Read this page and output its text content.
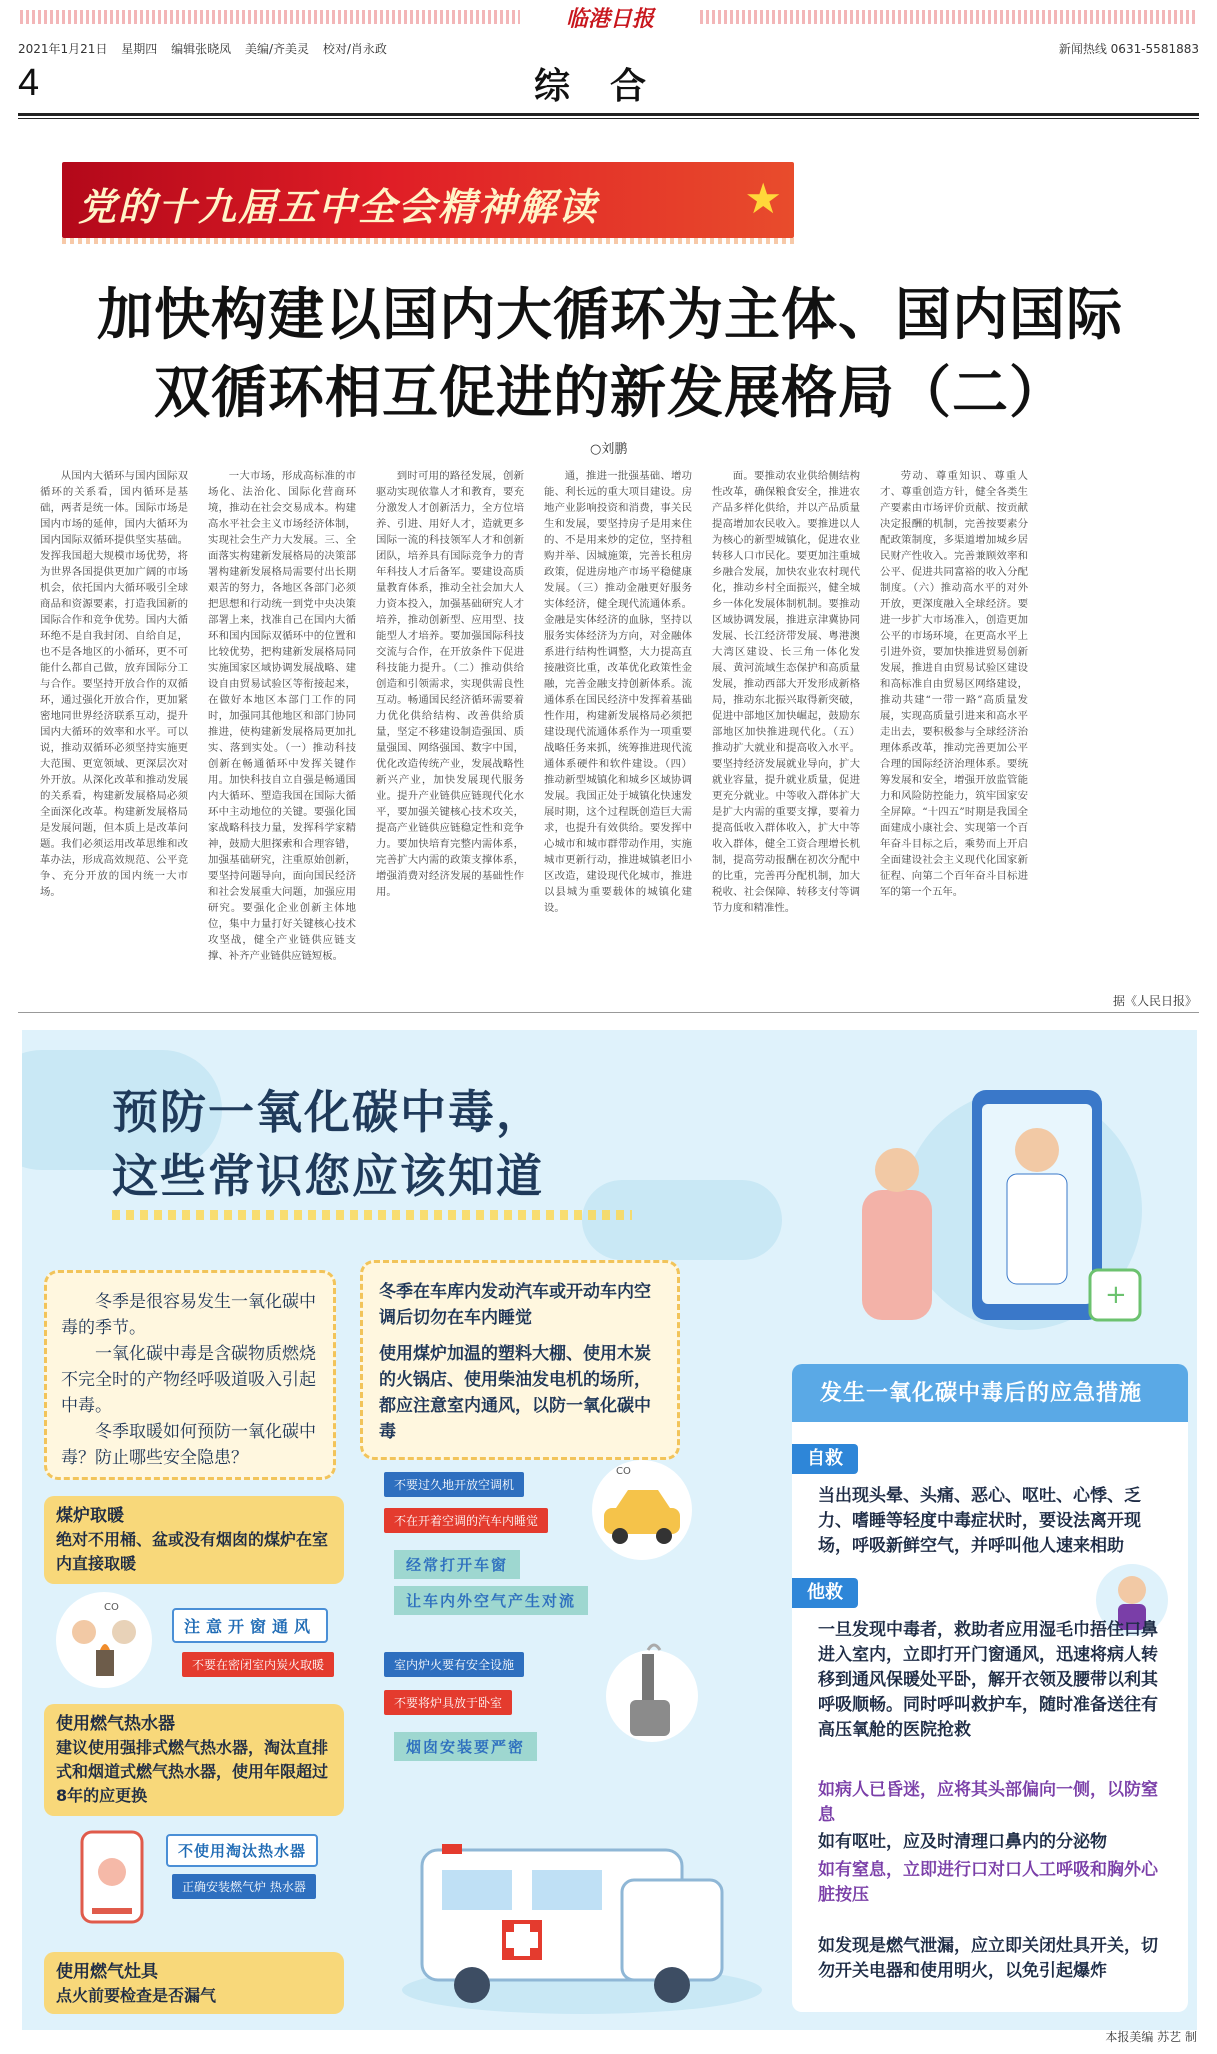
临港日报
2021年1月21日 星期四 编辑张晓凤 美编/齐美灵 校对/肖永政	新闻热线 0631-5581883
4	综合
党的十九届五中全会精神解读	★
加快构建以国内大循环为主体、国内国际
双循环相互促进的新发展格局（二）
○刘鹏

从国内大循环与国内国际双循环的关系看，国内循环是基础，两者是统一体。国际市场是国内市场的延伸，国内大循环为国内国际双循环提供坚实基础。发挥我国超大规模市场优势，将为世界各国提供更加广阔的市场机会，依托国内大循环吸引全球商品和资源要素，打造我国新的国际合作和竞争优势。国内大循环绝不是自我封闭、自给自足，也不是各地区的小循环，更不可能什么都自己做，放弃国际分工与合作。要坚持开放合作的双循环，通过强化开放合作，更加紧密地同世界经济联系互动，提升国内大循环的效率和水平。可以说，推动双循环必须坚持实施更大范围、更宽领域、更深层次对外开放。从深化改革和推动发展的关系看，构建新发展格局必须全面深化改革。构建新发展格局是发展问题，但本质上是改革问题。我们必须运用改革思维和改革办法，形成高效规范、公平竞争、充分开放的国内统一大市场。

一大市场，形成高标准的市场化、法治化、国际化营商环境，推动在社会交易成本。构建高水平社会主义市场经济体制，实现社会生产力大发展。三、全面落实构建新发展格局的决策部署构建新发展格局需要付出长期艰苦的努力，各地区各部门必须把思想和行动统一到党中央决策部署上来，找准自己在国内大循环和国内国际双循环中的位置和比较优势，把构建新发展格局同实施国家区域协调发展战略、建设自由贸易试验区等衔接起来，在做好本地区本部门工作的同时，加强同其他地区和部门协同推进，使构建新发展格局更加扎实、落到实处。（一）推动科技创新在畅通循环中发挥关键作用。加快科技自立自强是畅通国内大循环、塑造我国在国际大循环中主动地位的关键。要强化国家战略科技力量，发挥科学家精神，鼓励大胆探索和合理容错，加强基础研究，注重原始创新，要坚持问题导向，面向国民经济和社会发展重大问题，加强应用研究。要强化企业创新主体地位，集中力量打好关键核心技术攻坚战，健全产业链供应链支撑、补齐产业链供应链短板。

到时可用的路径发展，创新驱动实现依靠人才和教育，要充分激发人才创新活力，全方位培养、引进、用好人才，造就更多国际一流的科技领军人才和创新团队，培养具有国际竞争力的青年科技人才后备军。要建设高质量教育体系，推动全社会加大人力资本投入，加强基础研究人才培养，推动创新型、应用型、技能型人才培养。要加强国际科技交流与合作，在开放条件下促进科技能力提升。（二）推动供给创造和引领需求，实现供需良性互动。畅通国民经济循环需要着力优化供给结构、改善供给质量，坚定不移建设制造强国、质量强国、网络强国、数字中国，优化改造传统产业，发展战略性新兴产业，加快发展现代服务业。提升产业链供应链现代化水平，要加强关键核心技术攻关，提高产业链供应链稳定性和竞争力。要加快培育完整内需体系，完善扩大内需的政策支撑体系，增强消费对经济发展的基础性作用。

通，推进一批强基础、增功能、利长远的重大项目建设。房地产业影响投资和消费，事关民生和发展，要坚持房子是用来住的、不是用来炒的定位，坚持租购并举、因城施策，完善长租房政策，促进房地产市场平稳健康发展。（三）推动金融更好服务实体经济，健全现代流通体系。金融是实体经济的血脉，坚持以服务实体经济为方向，对金融体系进行结构性调整，大力提高直接融资比重，改革优化政策性金融，完善金融支持创新体系。流通体系在国民经济中发挥着基础性作用，构建新发展格局必须把建设现代流通体系作为一项重要战略任务来抓，统筹推进现代流通体系硬件和软件建设。（四）推动新型城镇化和城乡区域协调发展。我国正处于城镇化快速发展时期，这个过程既创造巨大需求，也提升有效供给。要发挥中心城市和城市群带动作用，实施城市更新行动，推进城镇老旧小区改造，建设现代化城市，推进以县城为重要载体的城镇化建设。

面。要推动农业供给侧结构性改革，确保粮食安全，推进农产品多样化供给，并以产品质量提高增加农民收入。要推进以人为核心的新型城镇化，促进农业转移人口市民化。要更加注重城乡融合发展，加快农业农村现代化，推动乡村全面振兴，健全城乡一体化发展体制机制。要推动区域协调发展，推进京津冀协同发展、长江经济带发展、粤港澳大湾区建设、长三角一体化发展、黄河流域生态保护和高质量发展，推动西部大开发形成新格局，推动东北振兴取得新突破，促进中部地区加快崛起，鼓励东部地区加快推进现代化。（五）推动扩大就业和提高收入水平。要坚持经济发展就业导向，扩大就业容量，提升就业质量，促进更充分就业。中等收入群体扩大是扩大内需的重要支撑，要着力提高低收入群体收入，扩大中等收入群体，健全工资合理增长机制，提高劳动报酬在初次分配中的比重，完善再分配机制，加大税收、社会保障、转移支付等调节力度和精准性。

劳动、尊重知识、尊重人才、尊重创造方针，健全各类生产要素由市场评价贡献、按贡献决定报酬的机制，完善按要素分配政策制度，多渠道增加城乡居民财产性收入。完善兼顾效率和公平、促进共同富裕的收入分配制度。（六）推动高水平的对外开放，更深度融入全球经济。要进一步扩大市场准入，创造更加公平的市场环境，在更高水平上引进外资，要加快推进贸易创新发展，推进自由贸易试验区建设和高标准自由贸易区网络建设，推动共建“一带一路”高质量发展，实现高质量引进来和高水平走出去，要积极参与全球经济治理体系改革，推动完善更加公平合理的国际经济治理体系。要统筹发展和安全，增强开放监管能力和风险防控能力，筑牢国家安全屏障。“十四五”时期是我国全面建成小康社会、实现第一个百年奋斗目标之后，乘势而上开启全面建设社会主义现代化国家新征程、向第二个百年奋斗目标进军的第一个五年。

据《人民日报》
预防一氧化碳中毒，
这些常识您应该知道
+
冬季是很容易发生一氧化碳中毒的季节。
一氧化碳中毒是含碳物质燃烧不完全时的产物经呼吸道吸入引起中毒。
冬季取暖如何预防一氧化碳中毒？防止哪些安全隐患？
煤炉取暖
绝对不用桶、盆或没有烟囱的煤炉在室内直接取暖
CO
注意开窗通风
不要在密闭室内炭火取暖
使用燃气热水器
建议使用强排式燃气热水器，淘汰直排式和烟道式燃气热水器，使用年限超过8年的应更换
不使用淘汰热水器
正确安装燃气炉 热水器
使用燃气灶具
点火前要检查是否漏气
冬季在车库内发动汽车或开动车内空调后切勿在车内睡觉
使用煤炉加温的塑料大棚、使用木炭的火锅店、使用柴油发电机的场所，都应注意室内通风，以防一氧化碳中毒
不要过久地开放空调机
不在开着空调的汽车内睡觉
CO
经常打开车窗
让车内外空气产生对流
室内炉火要有安全设施
不要将炉具放于卧室
烟囱安装要严密
发生一氧化碳中毒后的应急措施
自救
当出现头晕、头痛、恶心、呕吐、心悸、乏力、嗜睡等轻度中毒症状时，要设法离开现场，呼吸新鲜空气，并呼叫他人速来相助
他救
一旦发现中毒者，救助者应用湿毛巾捂住口鼻进入室内，立即打开门窗通风，迅速将病人转移到通风保暖处平卧，解开衣领及腰带以利其呼吸顺畅。同时呼叫救护车，随时准备送往有高压氧舱的医院抢救
如病人已昏迷，应将其头部偏向一侧，以防窒息
如有呕吐，应及时清理口鼻内的分泌物
如有窒息，立即进行口对口人工呼吸和胸外心脏按压
如发现是燃气泄漏，应立即关闭灶具开关，切勿开关电器和使用明火，以免引起爆炸
本报美编 苏艺 制
